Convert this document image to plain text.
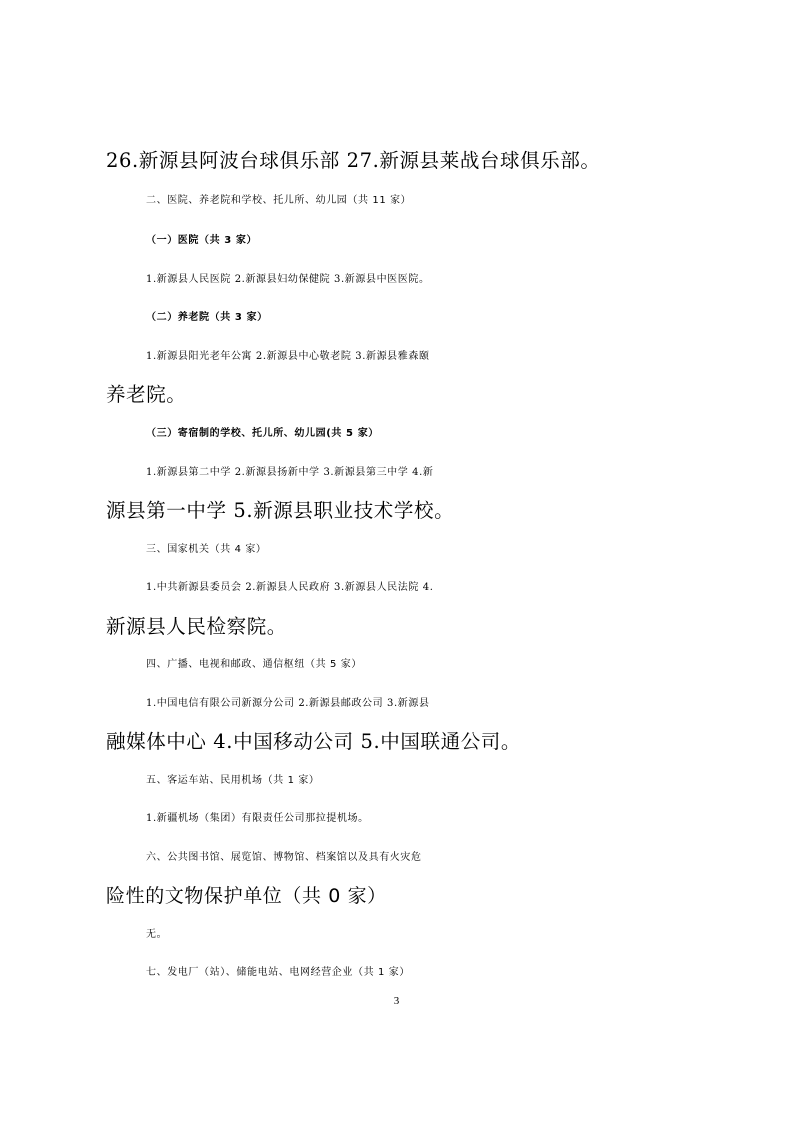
26.新源县阿波台球俱乐部 27.新源县莱战台球俱乐部。
二、医院、养老院和学校、托儿所、幼儿园（共 11 家）
（一）医院（共 3 家）
1.新源县人民医院 2.新源县妇幼保健院 3.新源县中医医院。
（二）养老院（共 3 家）
1.新源县阳光老年公寓 2.新源县中心敬老院 3.新源县雅森颐
养老院。
（三）寄宿制的学校、托儿所、幼儿园(共 5 家）
1.新源县第二中学 2.新源县扬新中学 3.新源县第三中学 4.新
源县第一中学 5.新源县职业技术学校。
三、国家机关（共 4 家）
1.中共新源县委员会 2.新源县人民政府 3.新源县人民法院 4.
新源县人民检察院。
四、广播、电视和邮政、通信枢纽（共 5 家）
1.中国电信有限公司新源分公司 2.新源县邮政公司 3.新源县
融媒体中心 4.中国移动公司 5.中国联通公司。
五、客运车站、民用机场（共 1 家）
1.新疆机场（集团）有限责任公司那拉提机场。
六、公共图书馆、展览馆、博物馆、档案馆以及具有火灾危
险性的文物保护单位（共 0 家）
无。
七、发电厂（站）、储能电站、电网经营企业（共 1 家）
3
